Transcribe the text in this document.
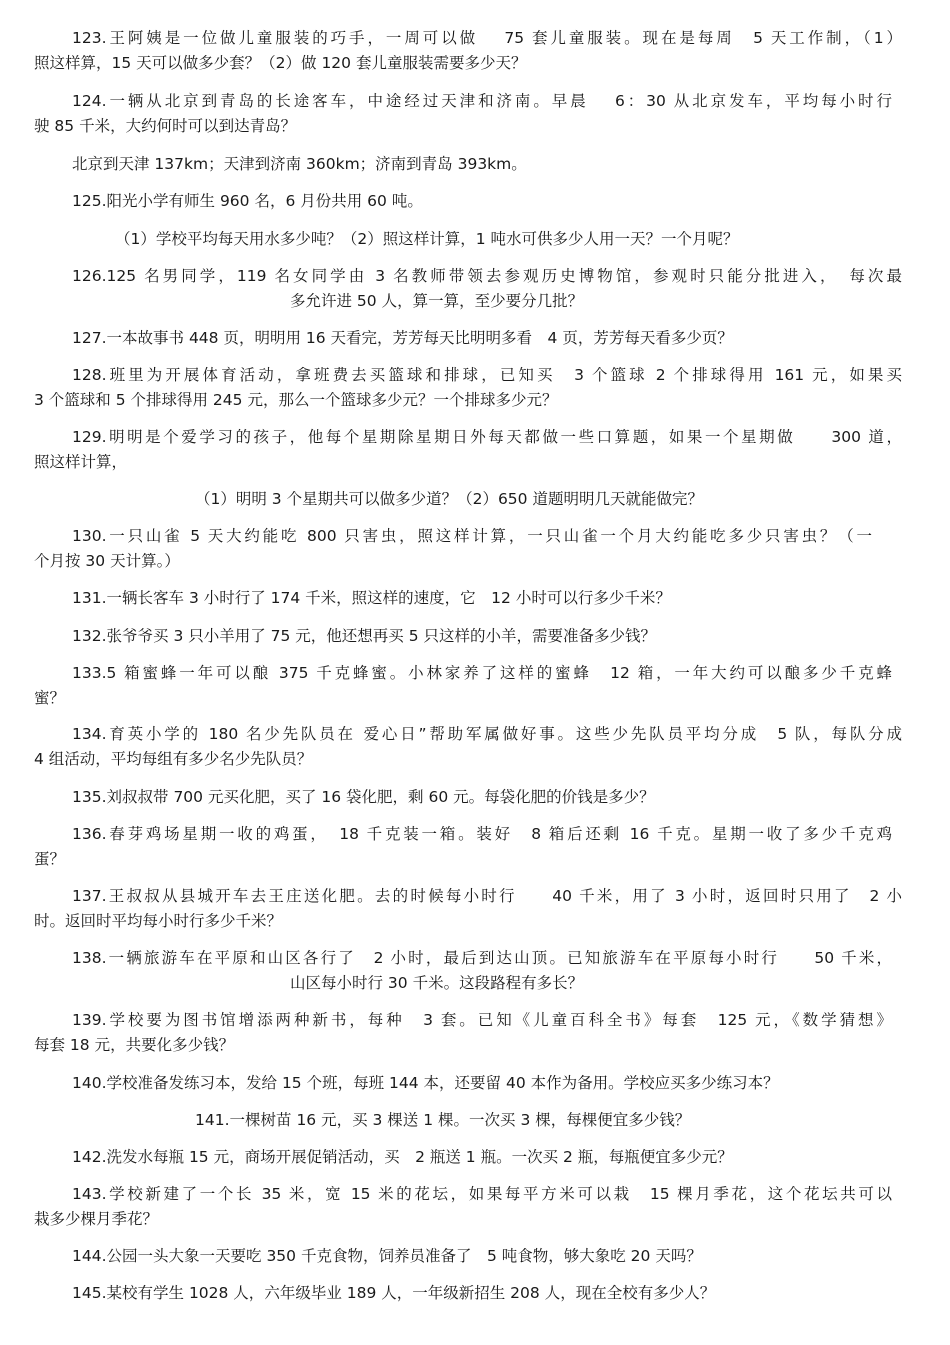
123.王阿姨是一位做儿童服装的巧手，一周可以做　 75 套儿童服装。现在是每周　5 天工作制，（1）
照这样算，15 天可以做多少套？（2）做 120 套儿童服装需要多少天？
124.一辆从北京到青岛的长途客车，中途经过天津和济南。早晨　 6：30 从北京发车，平均每小时行
驶 85 千米，大约何时可以到达青岛？
北京到天津 137km；天津到济南 360km；济南到青岛 393km。
125.阳光小学有师生 960 名，6 月份共用 60 吨。
（1）学校平均每天用水多少吨？（2）照这样计算，1 吨水可供多少人用一天？一个月呢？
126.125 名男同学，119 名女同学由 3 名教师带领去参观历史博物馆，参观时只能分批进入，　每次最
多允许进 50 人，算一算，至少要分几批？
127.一本故事书 448 页，明明用 16 天看完，芳芳每天比明明多看　4 页，芳芳每天看多少页？
128.班里为开展体育活动，拿班费去买篮球和排球，已知买　3 个篮球 2 个排球得用 161 元，如果买
3 个篮球和 5 个排球得用 245 元，那么一个篮球多少元？一个排球多少元？
129.明明是个爱学习的孩子，他每个星期除星期日外每天都做一些口算题，如果一个星期做　　300 道，
照这样计算，
（1）明明 3 个星期共可以做多少道？（2）650 道题明明几天就能做完？
130.一只山雀 5 天大约能吃 800 只害虫，照这样计算，一只山雀一个月大约能吃多少只害虫？（一
个月按 30 天计算。）
131.一辆长客车 3 小时行了 174 千米，照这样的速度，它　12 小时可以行多少千米？
132.张爷爷买 3 只小羊用了 75 元，他还想再买 5 只这样的小羊，需要准备多少钱？
133.5 箱蜜蜂一年可以酿 375 千克蜂蜜。小林家养了这样的蜜蜂　12 箱，一年大约可以酿多少千克蜂
蜜？
134.育英小学的 180 名少先队员在 爱心日”帮助军属做好事。这些少先队员平均分成　5 队，每队分成
4 组活动，平均每组有多少名少先队员？
135.刘叔叔带 700 元买化肥，买了 16 袋化肥，剩 60 元。每袋化肥的价钱是多少？
136.春芽鸡场星期一收的鸡蛋，　18 千克装一箱。装好　8 箱后还剩 16 千克。星期一收了多少千克鸡
蛋？
137.王叔叔从县城开车去王庄送化肥。去的时候每小时行　　40 千米，用了 3 小时，返回时只用了　2 小
时。返回时平均每小时行多少千米？
138.一辆旅游车在平原和山区各行了　2 小时，最后到达山顶。已知旅游车在平原每小时行　　50 千米，
山区每小时行 30 千米。这段路程有多长？
139.学校要为图书馆增添两种新书，每种　3 套。已知《儿童百科全书》每套　125 元，《数学猜想》
每套 18 元，共要化多少钱？
140.学校准备发练习本，发给 15 个班，每班 144 本，还要留 40 本作为备用。学校应买多少练习本？
141.一棵树苗 16 元，买 3 棵送 1 棵。一次买 3 棵，每棵便宜多少钱？
142.洗发水每瓶 15 元，商场开展促销活动，买　2 瓶送 1 瓶。一次买 2 瓶，每瓶便宜多少元？
143.学校新建了一个长 35 米，宽 15 米的花坛，如果每平方米可以栽　15 棵月季花，这个花坛共可以
栽多少棵月季花？
144.公园一头大象一天要吃 350 千克食物，饲养员准备了　5 吨食物，够大象吃 20 天吗？
145.某校有学生 1028 人，六年级毕业 189 人，一年级新招生 208 人，现在全校有多少人？
